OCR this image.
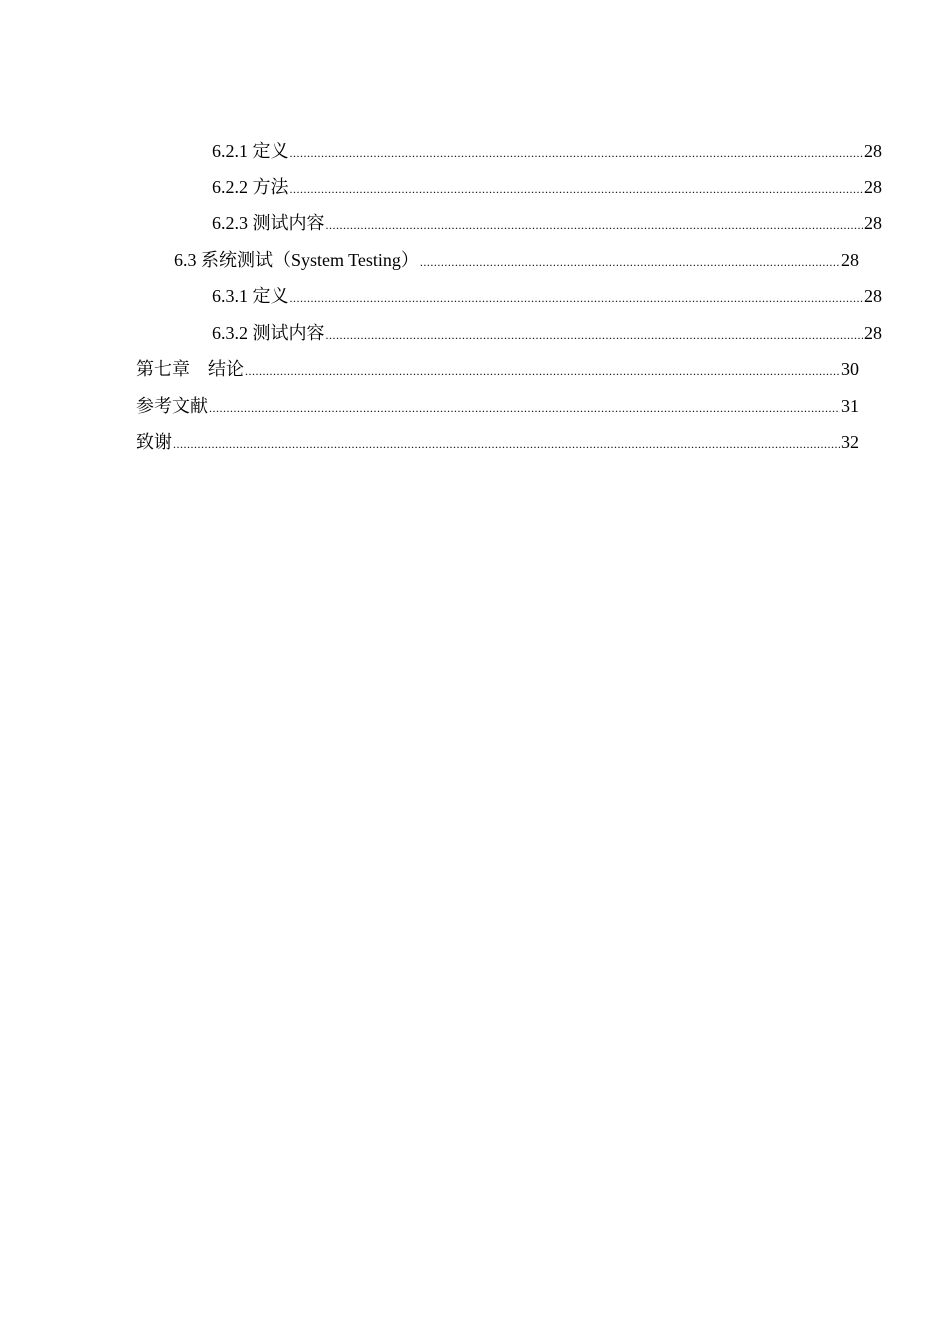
6.2.1 定义 .....	28
6.2.2 方法 .....	28
6.2.3 测试内容 .....	28
6.3 系统测试（System Testing） .....	28
6.3.1 定义 .....	28
6.3.2 测试内容 .....	28
第七章　结论 .....	30
参考文献 .....	31
致谢 .....	32
